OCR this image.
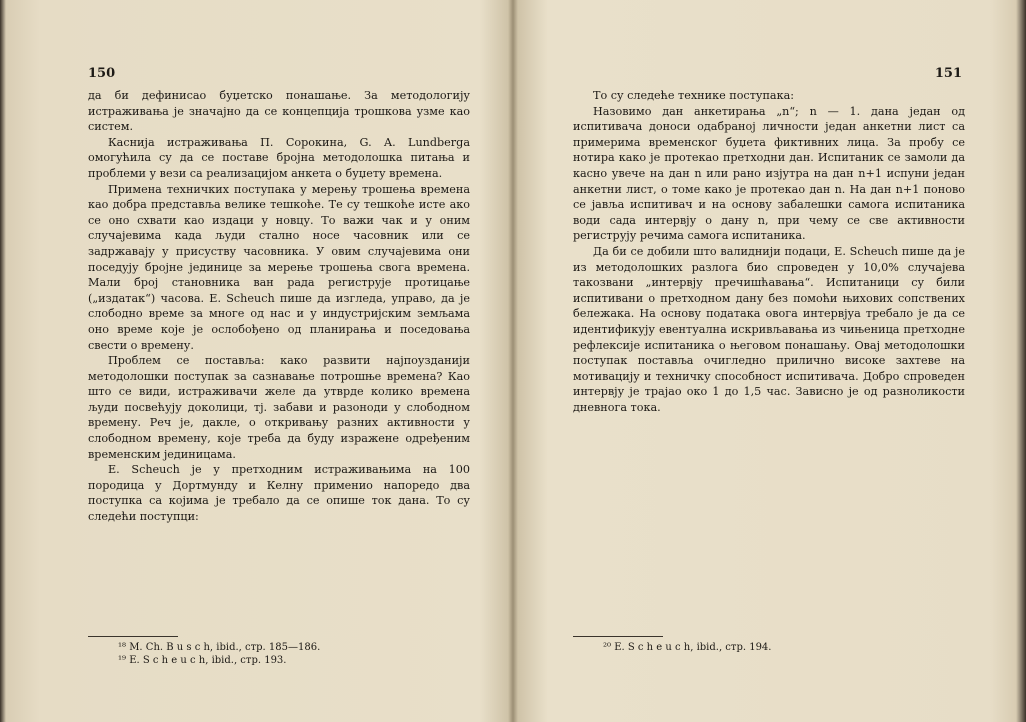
150

да би дефинисао буџетско понашање. За методологију истраживања је значајно да се концепција трошкова узме као систем.

Касниjа истраживања П. Сорокина, G. A. Lundberga омогућила су да се поставе бројна методолошка питања и проблеми у вези са реализацијом анкета о буџету времена.

Примена техничких поступака у мерењу трошења времена као добра представља велике тешкоће. Те су тешкоће исте ако се оно схвати као издаци у новцу. То важи чак и у оним случајевима када људи стално носе часовник или се задржавају у присуству часовника. У овим случајевима они поседују бројне јединице за мерење трошења свога времена. Мали број становника ван рада региструје протицање („издатак“) часова. Е. Scheuch пише да изгледа, управо, да је слободно време за многе од нас и у индустријским земљама оно време које је ослобођено од планирања и поседовања свести о времену.

Проблем се поставља: како развити најпоузданији методолошки поступак за сазнавање потрошње времена? Као што се види, истраживачи желе да утврде колико времена људи посвећују доколици, тј. забави и разоноди у слободном времену. Реч је, дакле, о откривању разних активности у слободном времену, које треба да буду изражене одређеним временским јединицама.

Е. Scheuch је у претходним истраживањима на 100 породица у Дортмунду и Келну применио напоредо два поступка са којима је требало да се опише ток дана. То су следећи поступци:

¹⁸ M. Ch. B u s c h, ibid., стр. 185—186.

¹⁹ E. S c h e u c h, ibid., стр. 193.

151

То су следеће технике поступака:

Назовимо дан анкетирања „n“; n — 1. дана један од испитивача доноси одабраној личности један анкетни лист са примерима временског буџета фиктивних лица. За пробу се нотира како је протекао претходни дан. Испитаник се замоли да касно увече на дан n или рано изјутра на дан n+1 испуни један анкетни лист, о томе како је протекао дан n. На дан n+1 поново се јавља испитивач и на основу забалешки самога испитаника води сада интервју о дану n, при чему се све активности региструју речима самога испитаника.

Да би се добили што валиднији подаци, Е. Scheuch пише да је из методолошких разлога био спроведен у 10,0% случајева такозвани „интервју пречишћавања“. Испитаници су били испитивани о претходном дану без помоћи њихових сопствених бележака. На основу података овога интервјуа требало је да се идентификују евентуална искривљавања из чињеница претходне рефлексије испитаника о његовом понашању. Овај методолошки поступак поставља очигледно прилично високе захтеве на мотивацију и техничку способност испитивача. Добро спроведен интервју је трајао око 1 до 1,5 час. Зависно је од разноликости дневнога тока.

²⁰ E. S c h e u c h, ibid., стр. 194.
